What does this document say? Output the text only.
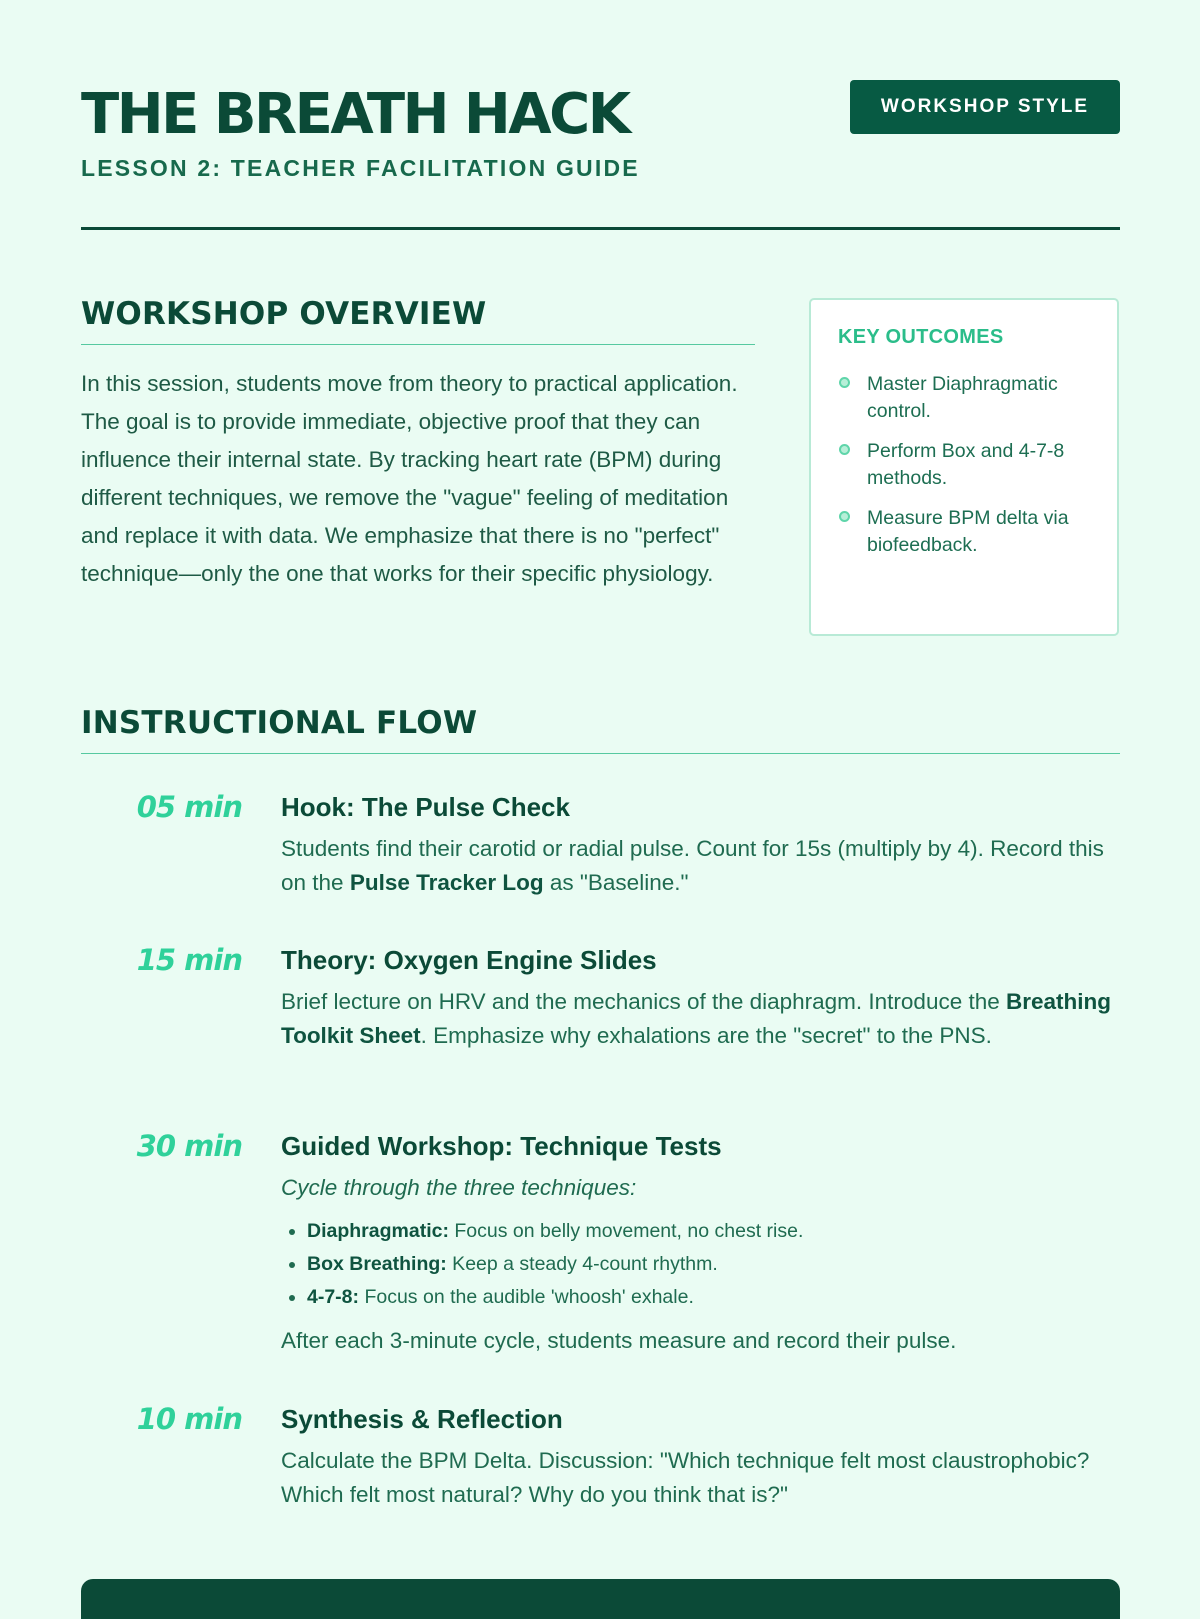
THE BREATH HACK
LESSON 2: TEACHER FACILITATION GUIDE
WORKSHOP STYLE
WORKSHOP OVERVIEW

In this session, students move from theory to practical application. The goal is to provide immediate, objective proof that they can influence their internal state. By tracking heart rate (BPM) during different techniques, we remove the "vague" feeling of meditation and replace it with data. We emphasize that there is no "perfect" technique—only the one that works for their specific physiology.

KEY OUTCOMES
Master Diaphragmatic control.
Perform Box and 4-7-8 methods.
Measure BPM delta via biofeedback.
INSTRUCTIONAL FLOW
05 min Hook: The Pulse Check

Students find their carotid or radial pulse. Count for 15s (multiply by 4). Record this on the Pulse Tracker Log as "Baseline."

15 min Theory: Oxygen Engine Slides

Brief lecture on HRV and the mechanics of the diaphragm. Introduce the Breathing Toolkit Sheet. Emphasize why exhalations are the "secret" to the PNS.

30 min Guided Workshop: Technique Tests

Cycle through the three techniques:

• Diaphragmatic: Focus on belly movement, no chest rise.
• Box Breathing: Keep a steady 4-count rhythm.
• 4-7-8: Focus on the audible 'whoosh' exhale.

After each 3-minute cycle, students measure and record their pulse.

10 min Synthesis & Reflection

Calculate the BPM Delta. Discussion: "Which technique felt most claustrophobic? Which felt most natural? Why do you think that is?"
